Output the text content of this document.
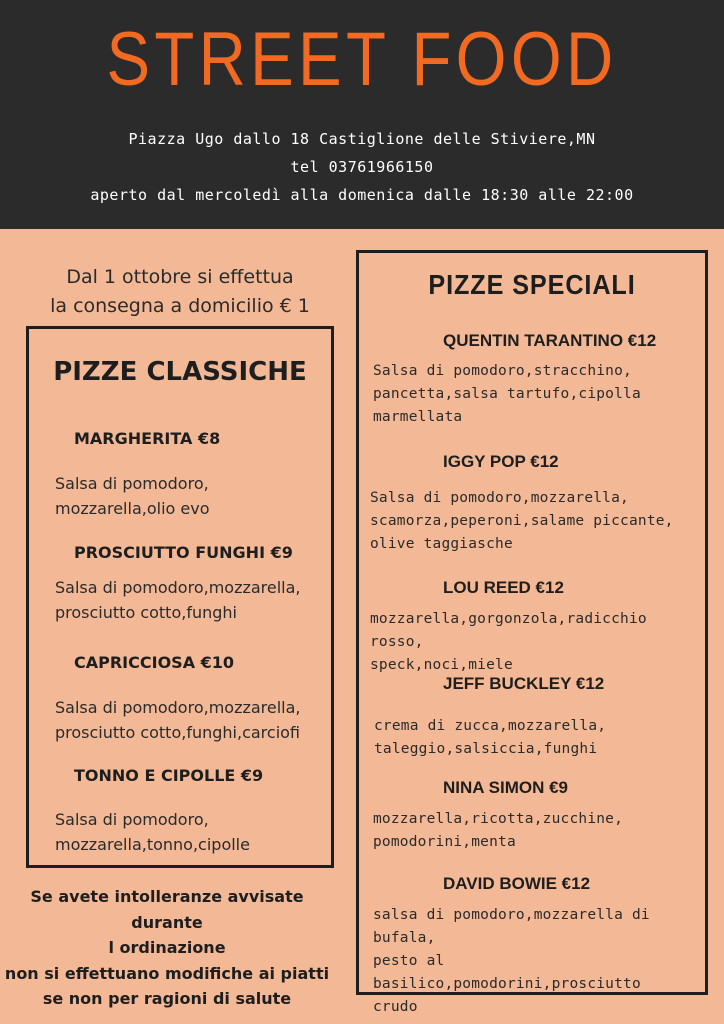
STREET FOOD
Piazza Ugo dallo 18 Castiglione delle Stiviere,MN
tel 03761966150
aperto dal mercoledì alla domenica dalle 18:30 alle 22:00
Dal 1 ottobre si effettua
la consegna a domicilio € 1
PIZZE CLASSICHE
MARGHERITA €8
Salsa di pomodoro,
mozzarella,olio evo
PROSCIUTTO FUNGHI €9
Salsa di pomodoro,mozzarella,
prosciutto cotto,funghi
CAPRICCIOSA €10
Salsa di pomodoro,mozzarella,
prosciutto cotto,funghi,carciofi
TONNO E CIPOLLE €9
Salsa di pomodoro,
mozzarella,tonno,cipolle
PIZZE SPECIALI
QUENTIN TARANTINO €12
Salsa di pomodoro,stracchino,
pancetta,salsa tartufo,cipolla
marmellata
IGGY POP €12
Salsa di pomodoro,mozzarella,
scamorza,peperoni,salame piccante,
olive taggiasche
LOU REED €12
mozzarella,gorgonzola,radicchio rosso,
speck,noci,miele
JEFF BUCKLEY €12
crema di zucca,mozzarella,
taleggio,salsiccia,funghi
NINA SIMON €9
mozzarella,ricotta,zucchine,
pomodorini,menta
DAVID BOWIE €12
salsa di pomodoro,mozzarella di bufala,
pesto al basilico,pomodorini,prosciutto
crudo
Se avete intolleranze avvisate
durante
l ordinazione
non si effettuano modifiche ai piatti
se non per ragioni di salute
